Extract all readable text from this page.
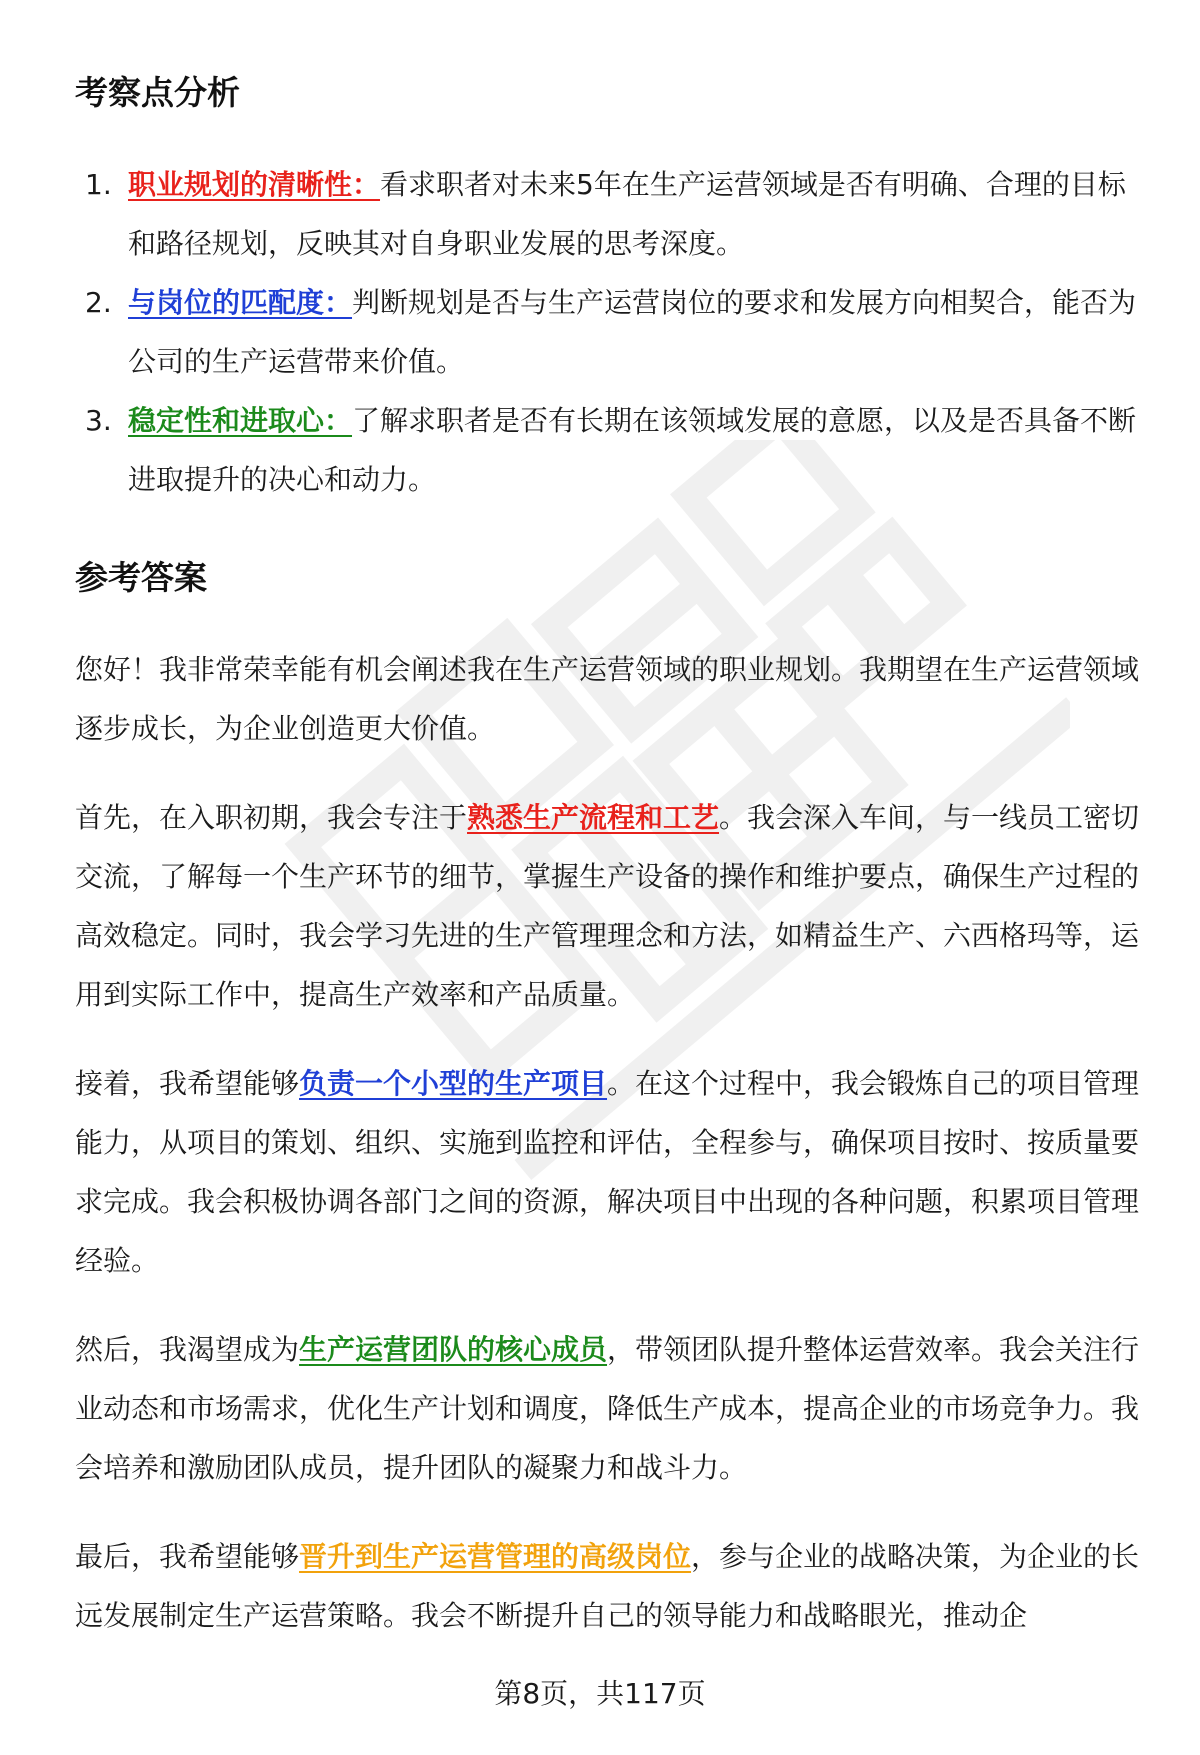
考察点分析
1. 职业规划的清晰性：看求职者对未来5年在生产运营领域是否有明确、合理的目标和路径规划，反映其对自身职业发展的思考深度。
2. 与岗位的匹配度：判断规划是否与生产运营岗位的要求和发展方向相契合，能否为公司的生产运营带来价值。
3. 稳定性和进取心：了解求职者是否有长期在该领域发展的意愿，以及是否具备不断进取提升的决心和动力。
参考答案

您好！我非常荣幸能有机会阐述我在生产运营领域的职业规划。我期望在生产运营领域逐步成长，为企业创造更大价值。

首先，在入职初期，我会专注于熟悉生产流程和工艺。我会深入车间，与一线员工密切交流，了解每一个生产环节的细节，掌握生产设备的操作和维护要点，确保生产过程的高效稳定。同时，我会学习先进的生产管理理念和方法，如精益生产、六西格玛等，运用到实际工作中，提高生产效率和产品质量。

接着，我希望能够负责一个小型的生产项目。在这个过程中，我会锻炼自己的项目管理能力，从项目的策划、组织、实施到监控和评估，全程参与，确保项目按时、按质量要求完成。我会积极协调各部门之间的资源，解决项目中出现的各种问题，积累项目管理经验。

然后，我渴望成为生产运营团队的核心成员，带领团队提升整体运营效率。我会关注行业动态和市场需求，优化生产计划和调度，降低生产成本，提高企业的市场竞争力。我会培养和激励团队成员，提升团队的凝聚力和战斗力。

最后，我希望能够晋升到生产运营管理的高级岗位，参与企业的战略决策，为企业的长远发展制定生产运营策略。我会不断提升自己的领导能力和战略眼光，推动企

第8页，共117页
